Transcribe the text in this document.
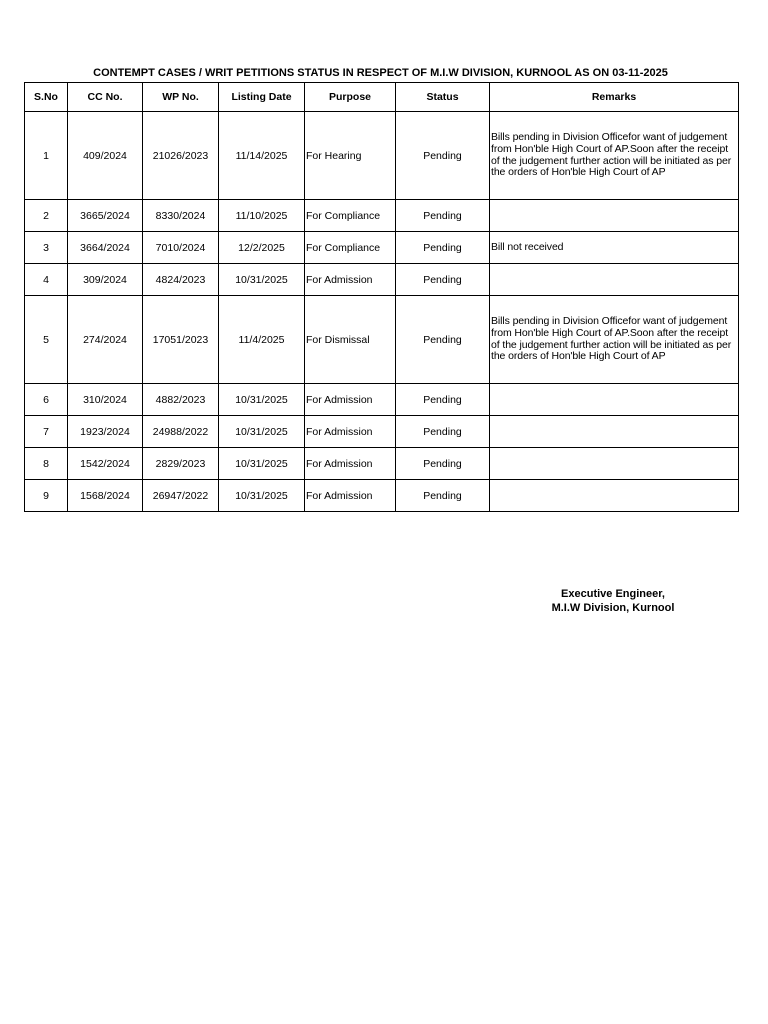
CONTEMPT CASES / WRIT PETITIONS STATUS IN RESPECT OF M.I.W DIVISION, KURNOOL AS ON 03-11-2025
S.No	CC No.	WP No.	Listing Date	Purpose	Status	Remarks
1	409/2024	21026/2023	11/14/2025	For Hearing	Pending	Bills pending in Division Officefor want of judgement from Hon'ble High Court of AP.Soon after the receipt of the judgement further action will be initiated as per the orders of Hon'ble High Court of AP
2	3665/2024	8330/2024	11/10/2025	For Compliance	Pending	
3	3664/2024	7010/2024	12/2/2025	For Compliance	Pending	Bill not received
4	309/2024	4824/2023	10/31/2025	For Admission	Pending	
5	274/2024	17051/2023	11/4/2025	For Dismissal	Pending	Bills pending in Division Officefor want of judgement from Hon'ble High Court of AP.Soon after the receipt of the judgement further action will be initiated as per the orders of Hon'ble High Court of AP
6	310/2024	4882/2023	10/31/2025	For Admission	Pending	
7	1923/2024	24988/2022	10/31/2025	For Admission	Pending	
8	1542/2024	2829/2023	10/31/2025	For Admission	Pending	
9	1568/2024	26947/2022	10/31/2025	For Admission	Pending	
Executive Engineer,
M.I.W Division, Kurnool
